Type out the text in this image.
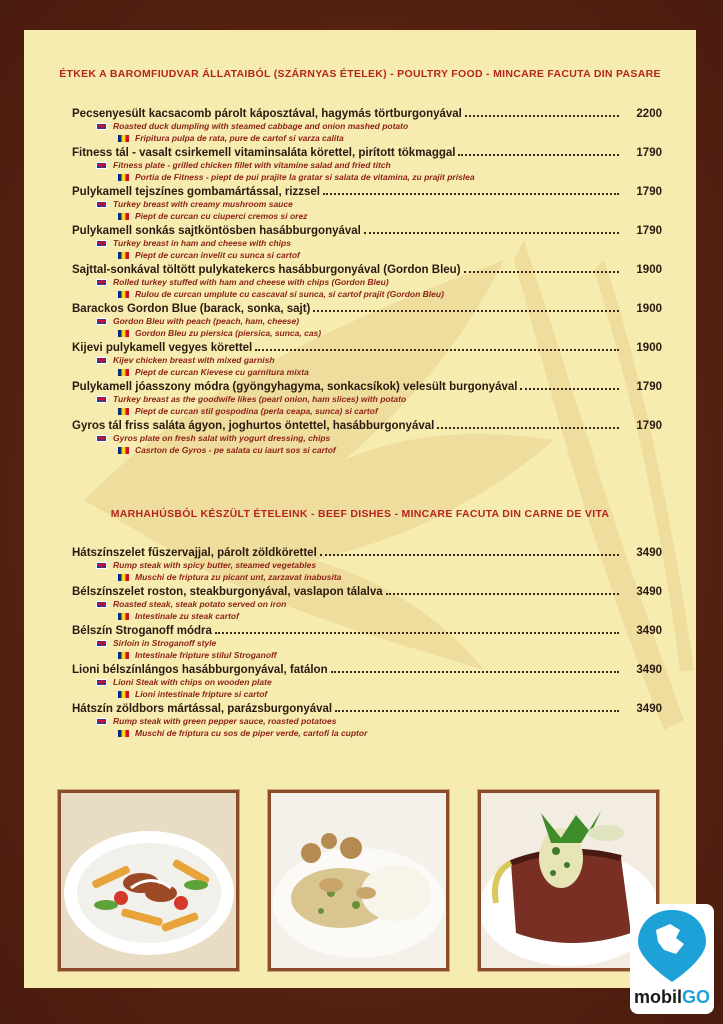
ÉTKEK A BAROMFIUDVAR ÁLLATAIBÓL (SZÁRNYAS ÉTELEK) - POULTRY FOOD - MINCARE FACUTA DIN PASARE
Pecsenyesült kacsacomb párolt káposztával, hagymás törtburgonyával	2200
Roasted duck dumpling with steamed cabbage and onion mashed potato
Fripitura pulpa de rata, pure de cartof si varza calita
Fitness tál - vasalt csirkemell vitaminsaláta körettel, pirított tökmaggal	1790
Fitness plate - grilled chicken fillet with vitamine salad and fried titch
Portia de Fitness - piept de pui prajite la gratar si salata de vitamina, zu prajit prislea
Pulykamell tejszínes gombamártással, rizzsel	1790
Turkey breast with creamy mushroom sauce
Piept de curcan cu ciuperci cremos si orez
Pulykamell sonkás sajtköntösben hasábburgonyával	1790
Turkey breast in ham and cheese with chips
Piept de curcan invelit cu sunca si cartof
Sajttal-sonkával töltött pulykatekercs hasábburgonyával (Gordon Bleu)	1900
Rolled turkey stuffed with ham and cheese with chips (Gordon Bleu)
Rulou de curcan umplute cu cascaval si sunca, si cartof prajit (Gordon Bleu)
Barackos Gordon Blue (barack, sonka, sajt)	1900
Gordon Bleu with peach (peach, ham, cheese)
Gordon Bleu zu piersica (piersica, sunca, cas)
Kijevi pulykamell vegyes körettel	1900
Kijev chicken breast with mixed garnish
Piept de curcan Kievese cu garnitura mixta
Pulykamell jóasszony módra (gyöngyhagyma, sonkacsíkok) velesült burgonyával	1790
Turkey breast as the goodwife likes (pearl onion, ham slices) with potato
Piept de curcan stil gospodina (perla ceapa, sunca) si cartof
Gyros tál friss saláta ágyon, joghurtos öntettel, hasábburgonyával	1790
Gyros plate on fresh salat with yogurt dressing, chips
Casrton de Gyros - pe salata cu iaurt sos si cartof
MARHAHÚSBÓL KÉSZÜLT ÉTELEINK - BEEF DISHES - MINCARE FACUTA DIN CARNE DE VITA
Hátszínszelet fűszervajjal, párolt zöldkörettel	3490
Rump steak with spicy butter, steamed vegetables
Muschi de friptura zu picant unt, zarzavat inabusita
Bélszínszelet roston, steakburgonyával, vaslapon tálalva	3490
Roasted steak, steak potato served on iron
Intestinale zu steak cartof
Bélszín Stroganoff módra	3490
Sirloin in Stroganoff style
Intestinale fripture stilul Stroganoff
Lioni bélszínlángos hasábburgonyával, fatálon	3490
Lioni Steak with chips on wooden plate
Lioni intestinale fripture si cartof
Hátszín zöldbors mártással, parázsburgonyával	3490
Rump steak with green pepper sauce, roasted potatoes
Muschi de friptura cu sos de piper verde, cartofi la cuptor
mobilGO
